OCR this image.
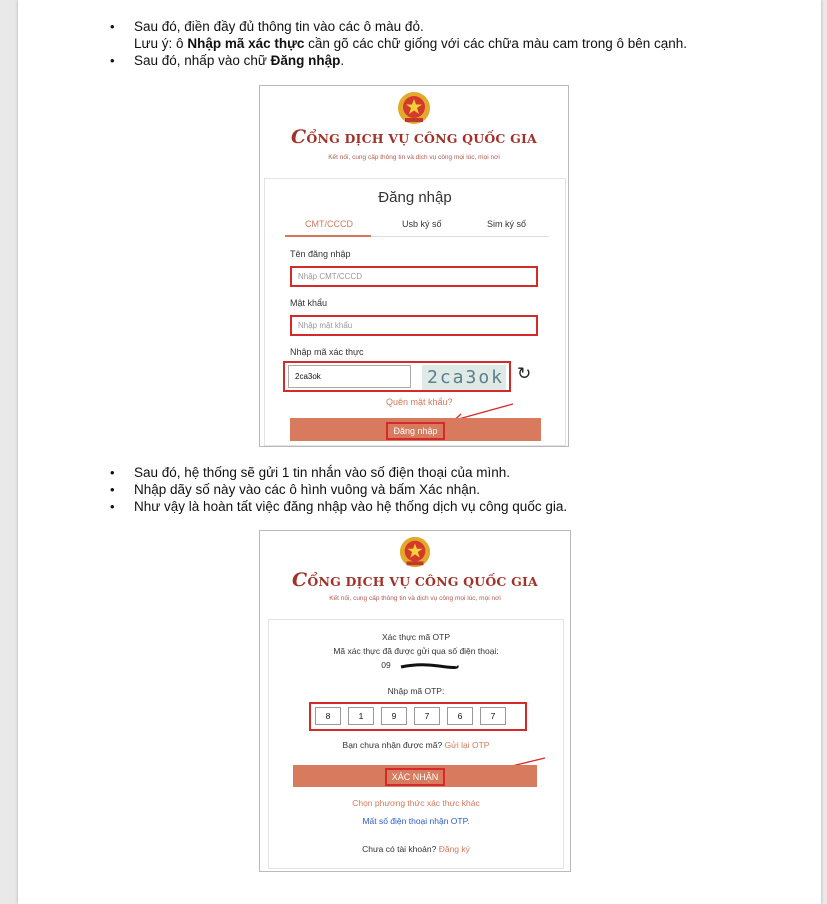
• Sau đó, điền đầy đủ thông tin vào các ô màu đỏ.
Lưu ý: ô Nhập mã xác thực cần gõ các chữ giống với các chữa màu cam trong ô bên cạnh.
• Sau đó, nhấp vào chữ Đăng nhập.
CỔNG DỊCH VỤ CÔNG QUỐC GIA
Kết nối, cung cấp thông tin và dịch vụ công mọi lúc, mọi nơi
Đăng nhập
CMT/CCCD	Usb ký số	Sim ký số
Tên đăng nhập
Nhập CMT/CCCD
Mật khẩu
Nhập mật khẩu
Nhập mã xác thực
2ca3ok	2ca3ok ↻
Quên mật khẩu?
Đăng nhập
• Sau đó, hệ thống sẽ gửi 1 tin nhắn vào số điện thoại của mình.
• Nhập dãy số này vào các ô hình vuông và bấm Xác nhận.
• Như vậy là hoàn tất việc đăng nhập vào hệ thống dịch vụ công quốc gia.
CỔNG DỊCH VỤ CÔNG QUỐC GIA
Kết nối, cung cấp thông tin và dịch vụ công mọi lúc, mọi nơi
Xác thực mã OTP
Mã xác thực đã được gửi qua số điện thoại:
09
Nhập mã OTP:
8	1	9	7	6	7
Bạn chưa nhận được mã? Gửi lại OTP
XÁC NHẬN
Chọn phương thức xác thực khác
Mất số điện thoại nhận OTP.
Chưa có tài khoản? Đăng ký
